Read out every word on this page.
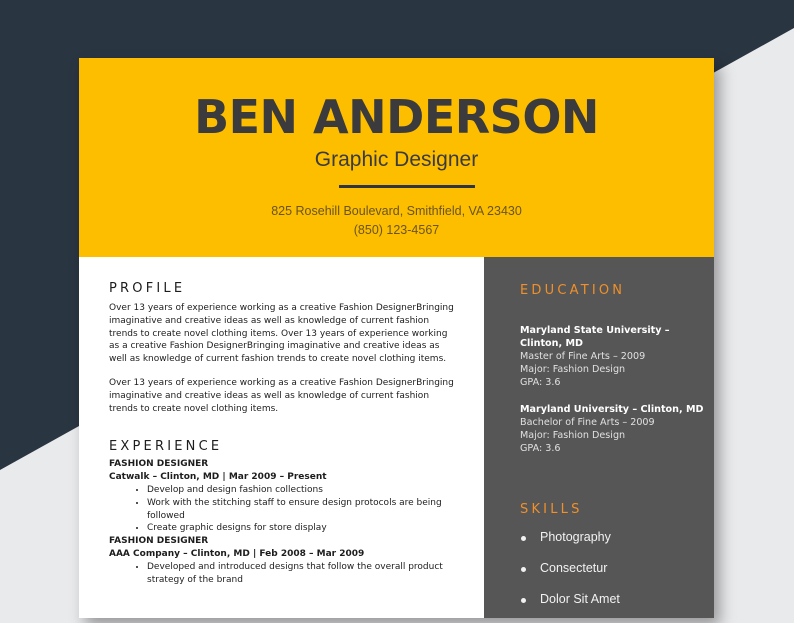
BEN ANDERSON
Graphic Designer
825 Rosehill Boulevard, Smithfield, VA 23430
(850) 123-4567
PROFILE

Over 13 years of experience working as a creative Fashion DesignerBringing imaginative and creative ideas as well as knowledge of current fashion trends to create novel clothing items. Over 13 years of experience working as a creative Fashion DesignerBringing imaginative and creative ideas as well as knowledge of current fashion trends to create novel clothing items.

Over 13 years of experience working as a creative Fashion DesignerBringing imaginative and creative ideas as well as knowledge of current fashion trends to create novel clothing items.

EXPERIENCE
FASHION DESIGNER
Catwalk – Clinton, MD | Mar 2009 – Present
• Develop and design fashion collections
• Work with the stitching staff to ensure design protocols are being followed
• Create graphic designs for store display
FASHION DESIGNER
AAA Company – Clinton, MD | Feb 2008 – Mar 2009
• Developed and introduced designs that follow the overall product strategy of the brand
EDUCATION
Maryland State University – Clinton, MD
Master of Fine Arts – 2009
Major: Fashion Design
GPA: 3.6
Maryland University – Clinton, MD
Bachelor of Fine Arts – 2009
Major: Fashion Design
GPA: 3.6
SKILLS
Photography
Consectetur
Dolor Sit Amet
